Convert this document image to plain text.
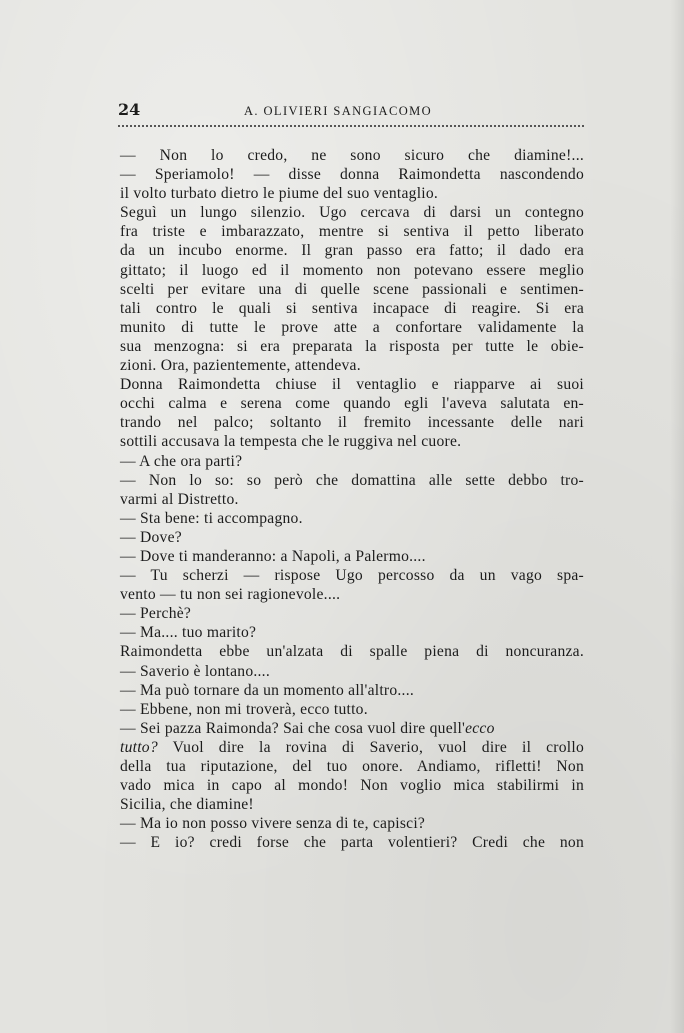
24	A. OLIVIERI SANGIACOMO
— Non lo credo, ne sono sicuro che diamine!...
— Speriamolo! — disse donna Raimondetta nascondendo
il volto turbato dietro le piume del suo ventaglio.
Seguì un lungo silenzio. Ugo cercava di darsi un contegno
fra triste e imbarazzato, mentre si sentiva il petto liberato
da un incubo enorme. Il gran passo era fatto; il dado era
gittato; il luogo ed il momento non potevano essere meglio
scelti per evitare una di quelle scene passionali e sentimen-
tali contro le quali si sentiva incapace di reagire. Si era
munito di tutte le prove atte a confortare validamente la
sua menzogna: si era preparata la risposta per tutte le obie-
zioni. Ora, pazientemente, attendeva.
Donna Raimondetta chiuse il ventaglio e riapparve ai suoi
occhi calma e serena come quando egli l'aveva salutata en-
trando nel palco; soltanto il fremito incessante delle nari
sottili accusava la tempesta che le ruggiva nel cuore.
— A che ora parti?
— Non lo so: so però che domattina alle sette debbo tro-
varmi al Distretto.
— Sta bene: ti accompagno.
— Dove?
— Dove ti manderanno: a Napoli, a Palermo....
— Tu scherzi — rispose Ugo percosso da un vago spa-
vento — tu non sei ragionevole....
— Perchè?
— Ma.... tuo marito?
Raimondetta ebbe un'alzata di spalle piena di noncuranza.
— Saverio è lontano....
— Ma può tornare da un momento all'altro....
— Ebbene, non mi troverà, ecco tutto.
— Sei pazza Raimonda? Sai che cosa vuol dire quell'ecco
tutto? Vuol dire la rovina di Saverio, vuol dire il crollo
della tua riputazione, del tuo onore. Andiamo, rifletti! Non
vado mica in capo al mondo! Non voglio mica stabilirmi in
Sicilia, che diamine!
— Ma io non posso vivere senza di te, capisci?
— E io? credi forse che parta volentieri? Credi che non
